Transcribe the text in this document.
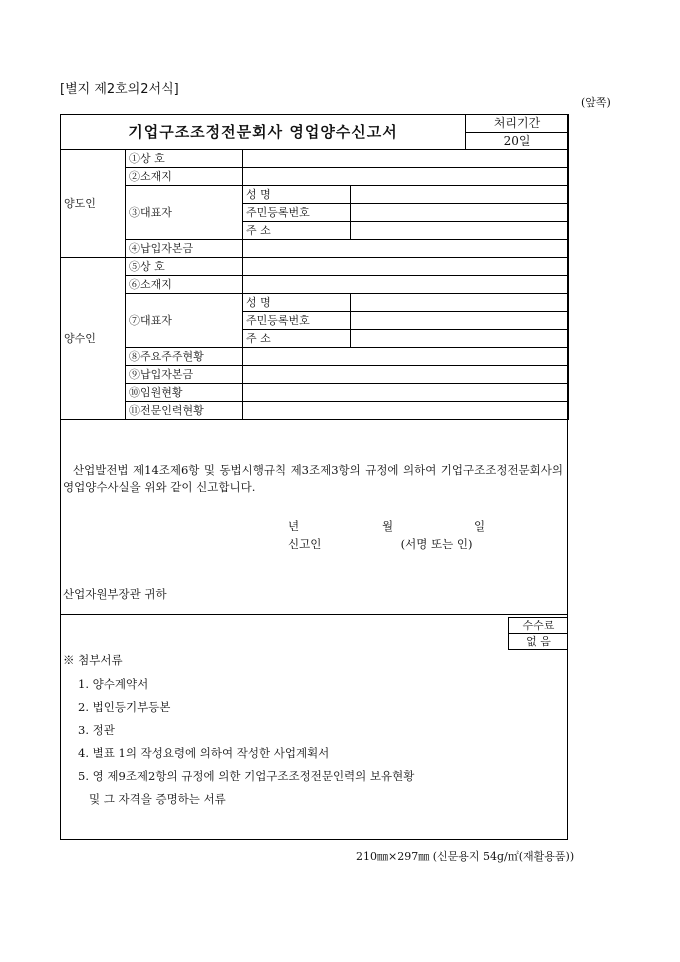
[별지 제2호의2서식]
(앞쪽)
기업구조조정전문회사 영업양수신고서				처리기간
				20일
양도인	①상 호			
	②소재지			
	③대표자	성 명		
		주민등록번호		
		주 소		
	④납입자본금			
양수인	⑤상 호			
	⑥소재지			
	⑦대표자	성 명		
		주민등록번호		
		주 소		
	⑧주요주주현황			
	⑨납입자본금			
	⑩임원현황			
	⑪전문인력현황			
산업발전법 제14조제6항 및 동법시행규칙 제3조제3항의 규정에 의하여 기업구조조정전문회사의 영업양수사실을 위와 같이 신고합니다.
년	월	일
신고인	(서명 또는 인)
산업자원부장관 귀하
수수료
없 음
※ 첨부서류
1. 양수계약서
2. 법인등기부등본
3. 정관
4. 별표 1의 작성요령에 의하여 작성한 사업계획서
5. 영 제9조제2항의 규정에 의한 기업구조조정전문인력의 보유현황
및 그 자격을 증명하는 서류
210㎜×297㎜ (신문용지 54g/㎡(재활용품))
